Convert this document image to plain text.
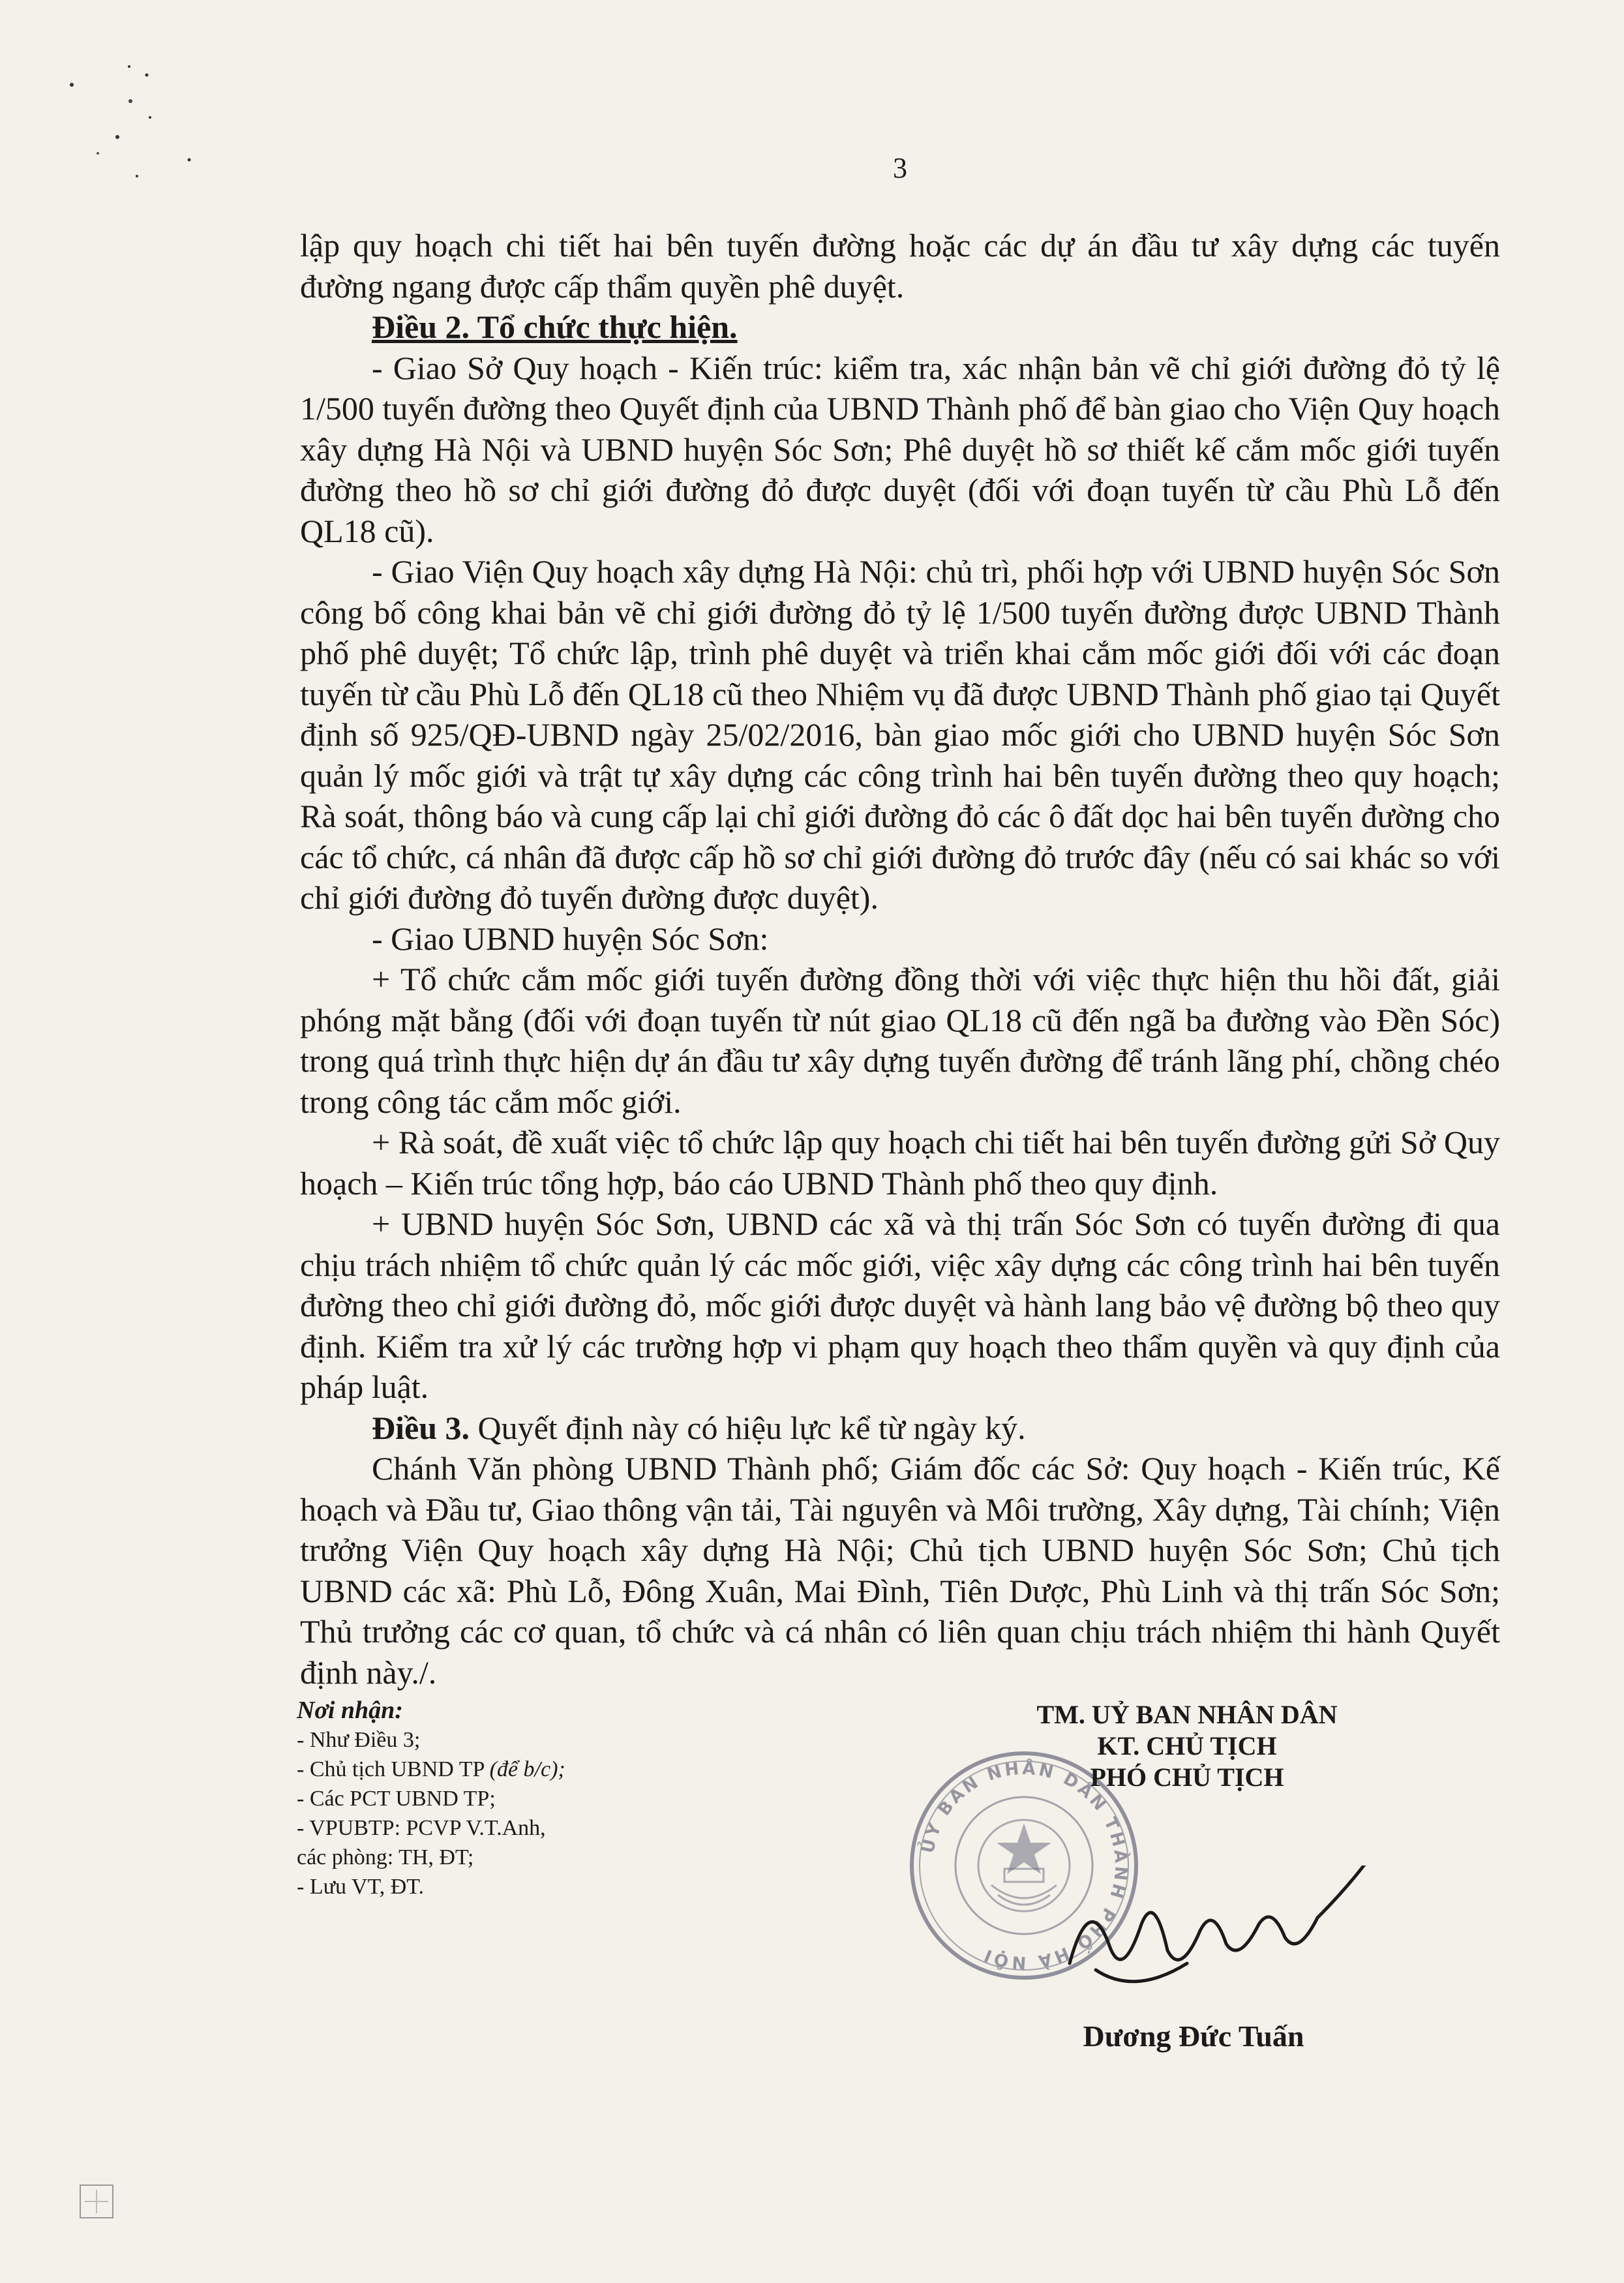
3

lập quy hoạch chi tiết hai bên tuyến đường hoặc các dự án đầu tư xây dựng các tuyến đường ngang được cấp thẩm quyền phê duyệt.

Điều 2. Tổ chức thực hiện.

- Giao Sở Quy hoạch - Kiến trúc: kiểm tra, xác nhận bản vẽ chỉ giới đường đỏ tỷ lệ 1/500 tuyến đường theo Quyết định của UBND Thành phố để bàn giao cho Viện Quy hoạch xây dựng Hà Nội và UBND huyện Sóc Sơn; Phê duyệt hồ sơ thiết kế cắm mốc giới tuyến đường theo hồ sơ chỉ giới đường đỏ được duyệt (đối với đoạn tuyến từ cầu Phù Lỗ đến QL18 cũ).

- Giao Viện Quy hoạch xây dựng Hà Nội: chủ trì, phối hợp với UBND huyện Sóc Sơn công bố công khai bản vẽ chỉ giới đường đỏ tỷ lệ 1/500 tuyến đường được UBND Thành phố phê duyệt; Tổ chức lập, trình phê duyệt và triển khai cắm mốc giới đối với các đoạn tuyến từ cầu Phù Lỗ đến QL18 cũ theo Nhiệm vụ đã được UBND Thành phố giao tại Quyết định số 925/QĐ-UBND ngày 25/02/2016, bàn giao mốc giới cho UBND huyện Sóc Sơn quản lý mốc giới và trật tự xây dựng các công trình hai bên tuyến đường theo quy hoạch; Rà soát, thông báo và cung cấp lại chỉ giới đường đỏ các ô đất dọc hai bên tuyến đường cho các tổ chức, cá nhân đã được cấp hồ sơ chỉ giới đường đỏ trước đây (nếu có sai khác so với chỉ giới đường đỏ tuyến đường được duyệt).

- Giao UBND huyện Sóc Sơn:

+ Tổ chức cắm mốc giới tuyến đường đồng thời với việc thực hiện thu hồi đất, giải phóng mặt bằng (đối với đoạn tuyến từ nút giao QL18 cũ đến ngã ba đường vào Đền Sóc) trong quá trình thực hiện dự án đầu tư xây dựng tuyến đường để tránh lãng phí, chồng chéo trong công tác cắm mốc giới.

+ Rà soát, đề xuất việc tổ chức lập quy hoạch chi tiết hai bên tuyến đường gửi Sở Quy hoạch – Kiến trúc tổng hợp, báo cáo UBND Thành phố theo quy định.

+ UBND huyện Sóc Sơn, UBND các xã và thị trấn Sóc Sơn có tuyến đường đi qua chịu trách nhiệm tổ chức quản lý các mốc giới, việc xây dựng các công trình hai bên tuyến đường theo chỉ giới đường đỏ, mốc giới được duyệt và hành lang bảo vệ đường bộ theo quy định. Kiểm tra xử lý các trường hợp vi phạm quy hoạch theo thẩm quyền và quy định của pháp luật.

Điều 3. Quyết định này có hiệu lực kể từ ngày ký.

Chánh Văn phòng UBND Thành phố; Giám đốc các Sở: Quy hoạch - Kiến trúc, Kế hoạch và Đầu tư, Giao thông vận tải, Tài nguyên và Môi trường, Xây dựng, Tài chính; Viện trưởng Viện Quy hoạch xây dựng Hà Nội; Chủ tịch UBND huyện Sóc Sơn; Chủ tịch UBND các xã: Phù Lỗ, Đông Xuân, Mai Đình, Tiên Dược, Phù Linh và thị trấn Sóc Sơn; Thủ trưởng các cơ quan, tổ chức và cá nhân có liên quan chịu trách nhiệm thi hành Quyết định này./.

Nơi nhận:

- Như Điều 3;

- Chủ tịch UBND TP (để b/c);

- Các PCT UBND TP;

- VPUBTP: PCVP V.T.Anh,

các phòng: TH, ĐT;

- Lưu VT, ĐT.

ỦY BAN NHÂN DÂN THÀNH PHỐ HÀ NỘI

TM. UỶ BAN NHÂN DÂN

KT. CHỦ TỊCH

PHÓ CHỦ TỊCH

Dương Đức Tuấn
